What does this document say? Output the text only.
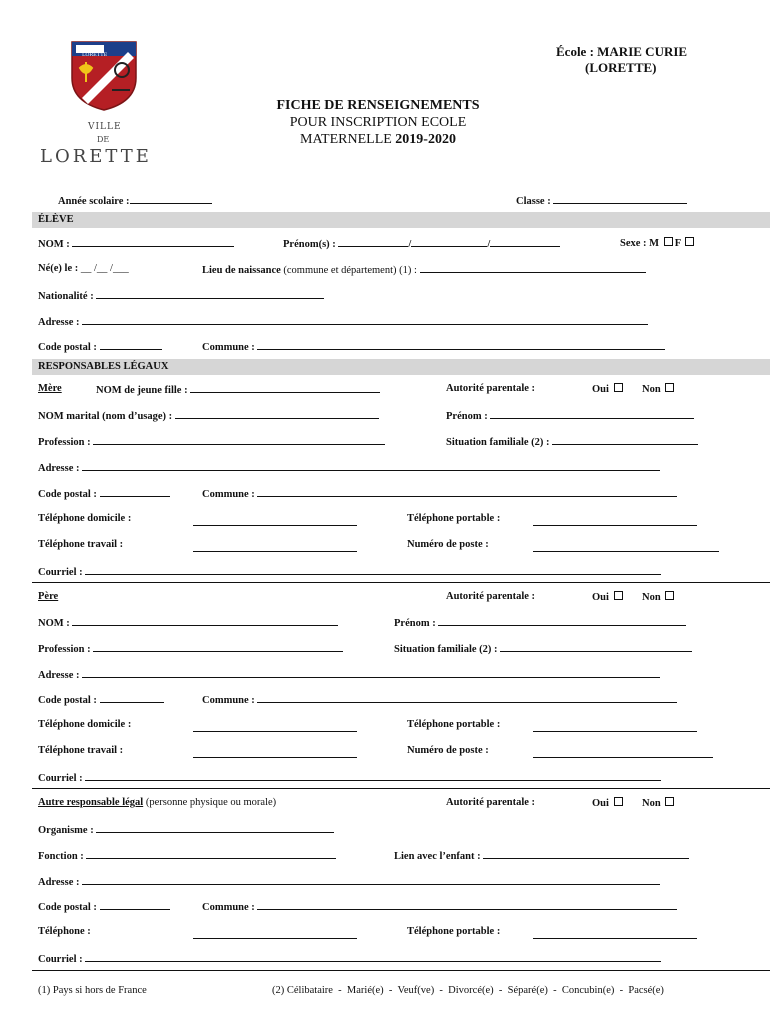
LORETTE
VILLE
DE
LORETTE
École : MARIE CURIE
(LORETTE)
FICHE DE RENSEIGNEMENTS
POUR INSCRIPTION ECOLE
MATERNELLE 2019-2020
Année scolaire :	Classe :
ÉLÈVE
NOM :	Prénom(s) :	/	/	Sexe : M F
Né(e) le : __ /__ /___	Lieu de naissance (commune et département) (1) :
Nationalité :
Adresse :
Code postal :	Commune :
RESPONSABLES LÉGAUX
Mère	NOM de jeune fille :	Autorité parentale :	Oui	Non
NOM marital (nom d’usage) :	Prénom :
Profession :	Situation familiale (2) :
Adresse :
Code postal :	Commune :
Téléphone domicile :	Téléphone portable :
Téléphone travail :	Numéro de poste :
Courriel :
Père	Autorité parentale :	Oui	Non
NOM :	Prénom :
Profession :	Situation familiale (2) :
Adresse :
Code postal :	Commune :
Téléphone domicile :	Téléphone portable :
Téléphone travail :	Numéro de poste :
Courriel :
Autre responsable légal (personne physique ou morale)	Autorité parentale :	Oui	Non
Organisme :
Fonction :	Lien avec l’enfant :
Adresse :
Code postal :	Commune :
Téléphone :	Téléphone portable :
Courriel :
(1) Pays si hors de France	(2) Célibataire  -  Marié(e)  -  Veuf(ve)  -  Divorcé(e)  -  Séparé(e)  -  Concubin(e)  -  Pacsé(e)
